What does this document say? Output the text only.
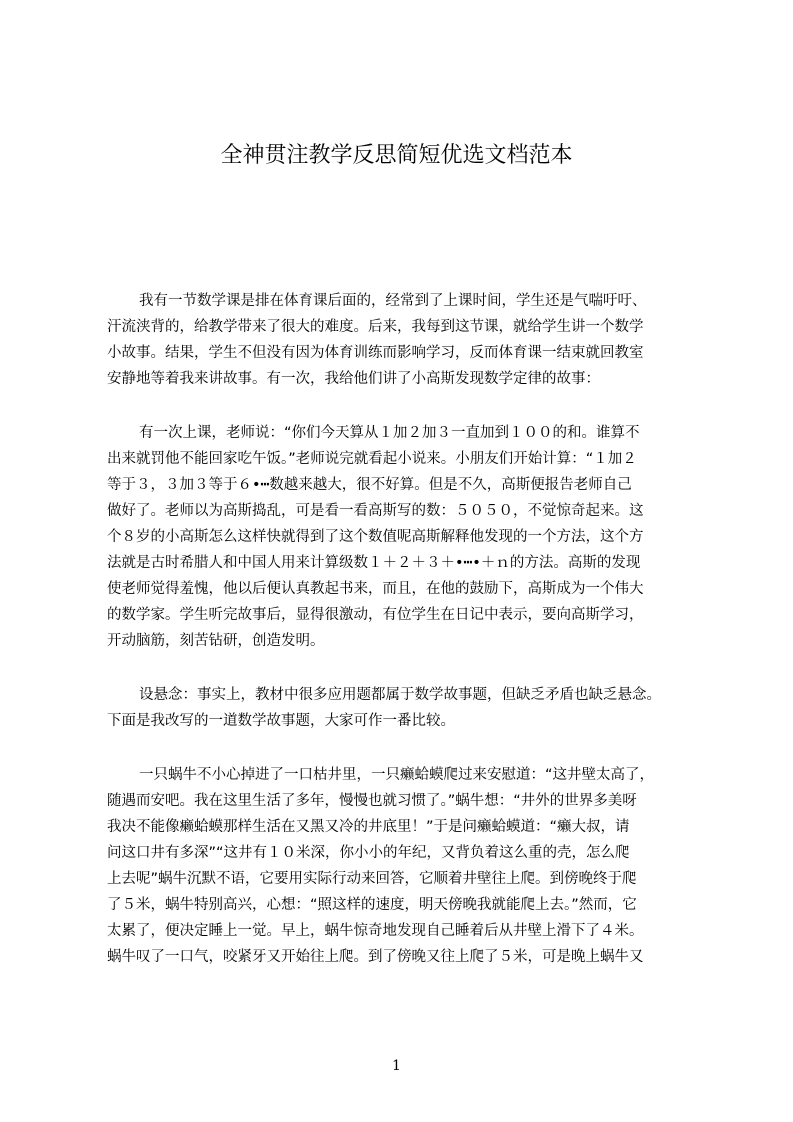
全神贯注教学反思简短优选文档范本
我有一节数学课是排在体育课后面的，经常到了上课时间，学生还是气喘吁吁、
汗流浃背的，给教学带来了很大的难度。后来，我每到这节课，就给学生讲一个数学
小故事。结果，学生不但没有因为体育训练而影响学习，反而体育课一结束就回教室
安静地等着我来讲故事。有一次，我给他们讲了小高斯发现数学定律的故事：
有一次上课，老师说：“你们今天算从１加２加３一直加到１００的和。谁算不
出来就罚他不能回家吃午饭。”老师说完就看起小说来。小朋友们开始计算：“１加２
等于３，３加３等于６•┅数越来越大，很不好算。但是不久，高斯便报告老师自己
做好了。老师以为高斯捣乱，可是看一看高斯写的数：５０５０，不觉惊奇起来。这
个８岁的小高斯怎么这样快就得到了这个数值呢高斯解释他发现的一个方法，这个方
法就是古时希腊人和中国人用来计算级数１＋２＋３＋•┅•＋ｎ的方法。高斯的发现
使老师觉得羞愧，他以后便认真教起书来，而且，在他的鼓励下，高斯成为一个伟大
的数学家。学生听完故事后，显得很激动，有位学生在日记中表示，要向高斯学习，
开动脑筋，刻苦钻研，创造发明。
设悬念：事实上，教材中很多应用题都属于数学故事题，但缺乏矛盾也缺乏悬念。
下面是我改写的一道数学故事题，大家可作一番比较。
一只蜗牛不小心掉进了一口枯井里，一只癞蛤蟆爬过来安慰道：“这井壁太高了，
随遇而安吧。我在这里生活了多年，慢慢也就习惯了。”蜗牛想：“井外的世界多美呀
我决不能像癞蛤蟆那样生活在又黑又冷的井底里！”于是问癞蛤蟆道：“癞大叔，请
问这口井有多深”“这井有１０米深，你小小的年纪，又背负着这么重的壳，怎么爬
上去呢”蜗牛沉默不语，它要用实际行动来回答，它顺着井壁往上爬。到傍晚终于爬
了５米，蜗牛特别高兴，心想：“照这样的速度，明天傍晚我就能爬上去。”然而，它
太累了，便决定睡上一觉。早上，蜗牛惊奇地发现自己睡着后从井壁上滑下了４米。
蜗牛叹了一口气，咬紧牙又开始往上爬。到了傍晚又往上爬了５米，可是晚上蜗牛又
1
